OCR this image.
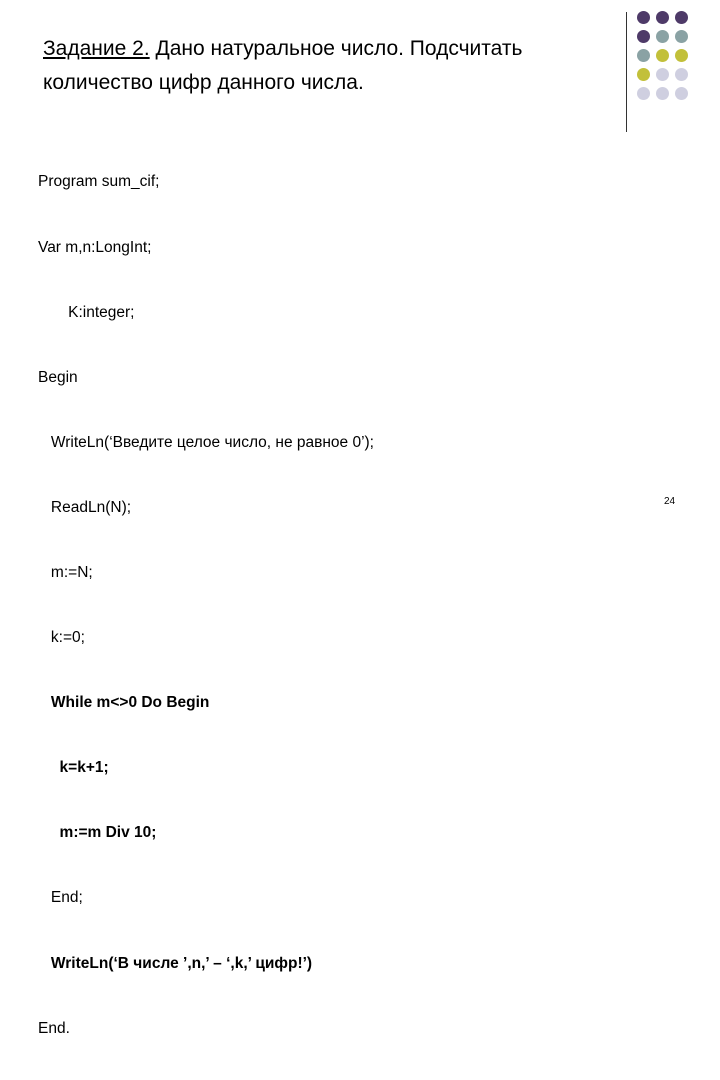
Задание 2. Дано натуральное число. Подсчитать
количество цифр данного числа.

Program sum_cif;

Var m,n:LongInt;

K:integer;

Begin

WriteLn(‘Введите целое число, не равное 0’);

ReadLn(N);

m:=N;

k:=0;

While m<>0 Do Begin

k=k+1;

m:=m Div 10;

End;

WriteLn(‘В числе ’,n,’ – ‘,k,’ цифр!’)

End.

24
